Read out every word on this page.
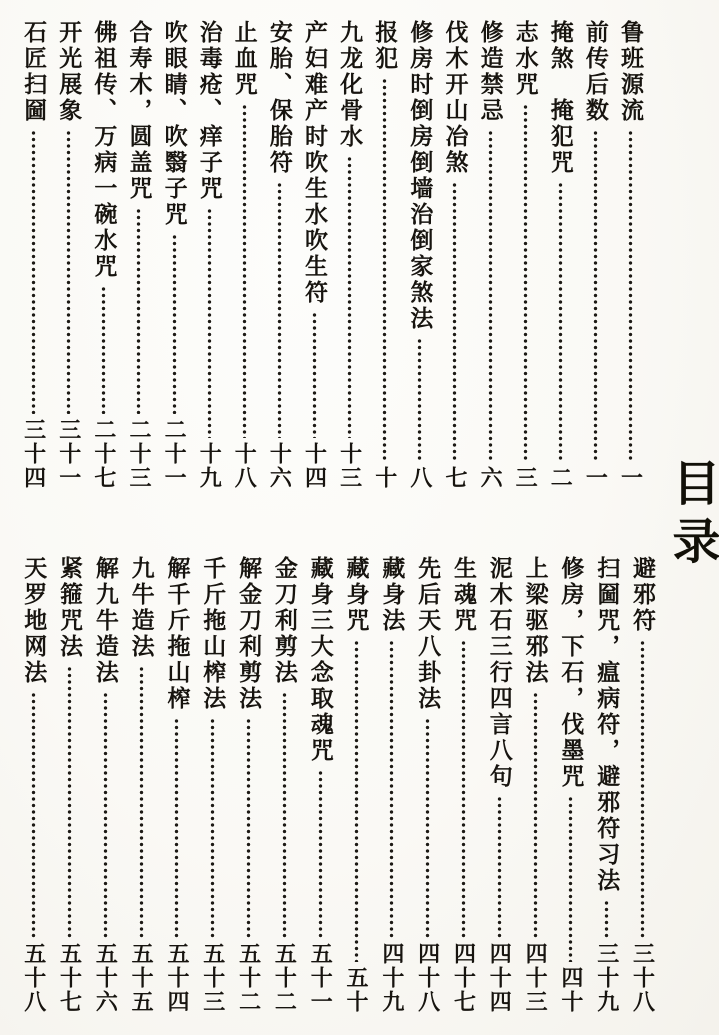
目录
鲁班源流
一
前传后数
一
掩煞　掩犯咒
二
志水咒
三
修造禁忌
六
伐木开山冶煞
七
修房时倒房倒墙治倒家煞法
八
报犯
十
九龙化骨水
十三
产妇难产时吹生水吹生符
十四
安胎、保胎符
十六
止血咒
十八
治毒疮、痒子咒
十九
吹眼睛、吹翳子咒
二十一
合寿木，圆盖咒
二十三
佛祖传、万病一碗水咒
二十七
开光展象
三十一
石匠扫圙
三十四
避邪符
三十八
扫圙咒，瘟病符，避邪符习法
三十九
修房，下石，伐墨咒
四十
上梁驱邪法
四十三
泥木石三行四言八句
四十四
生魂咒
四十七
先后天八卦法
四十八
藏身法
四十九
藏身咒
五十
藏身三大念取魂咒
五十一
金刀利剪法
五十二
解金刀利剪法
五十二
千斤拖山榨法
五十三
解千斤拖山榨
五十四
九牛造法
五十五
解九牛造法
五十六
紧箍咒法
五十七
天罗地网法
五十八
